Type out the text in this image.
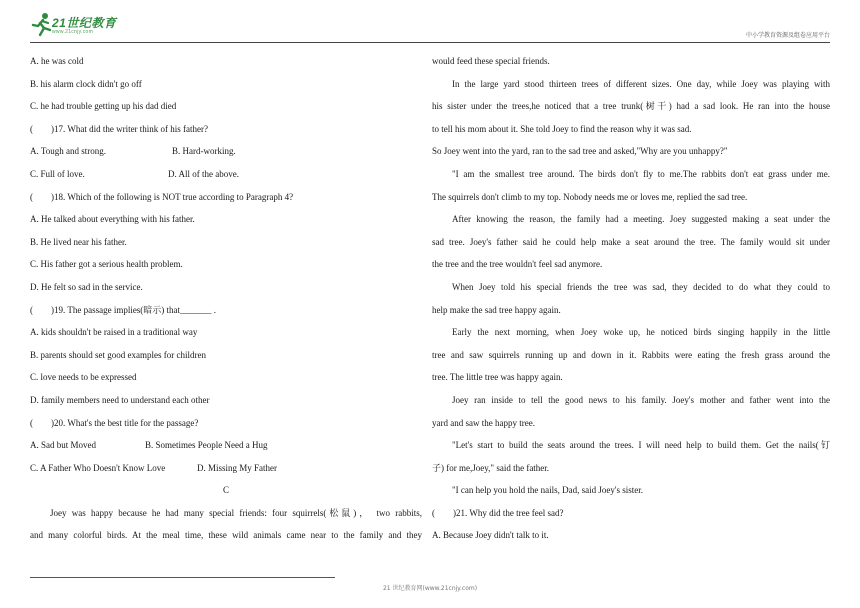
21世纪教育
www.21cnjy.com	中小学教育资源及组卷应用平台
A. he was cold
B. his alarm clock didn't go off
C. he had trouble getting up his dad died
(　　)17. What did the writer think of his father?
A. Tough and strong.	B. Hard-working.
C. Full of love.	D. All of the above.
(　　)18. Which of the following is NOT true according to Paragraph 4?
A. He talked about everything with his father.
B. He lived near his father.
C. His father got a serious health problem.
D. He felt so sad in the service.
(　　)19. The passage implies(暗示) that_______ .
A. kids shouldn't be raised in a traditional way
B. parents should set good examples for children
C. love needs to be expressed
D. family members need to understand each other
(　　)20. What's the best title for the passage?
A. Sad but Moved	B. Sometimes People Need a Hug
C. A Father Who Doesn't Know Love	D. Missing My Father
C
Joey was happy because he had many special friends: four squirrels(松鼠)， two rabbits,
and many colorful birds. At the meal time, these wild animals came near to the family and they
would feed these special friends.
In the large yard stood thirteen trees of different sizes. One day, while Joey was playing with
his sister under the trees,he noticed that a tree trunk(树干) had a sad look. He ran into the house
to tell his mom about it. She told Joey to find the reason why it was sad.
So Joey went into the yard, ran to the sad tree and asked,"Why are you unhappy?"
"I am the smallest tree around. The birds don't fly to me.The rabbits don't eat grass under me.
The squirrels don't climb to my top. Nobody needs me or loves me, replied the sad tree.
After knowing the reason, the family had a meeting. Joey suggested making a seat under the
sad tree. Joey's father said he could help make a seat around the tree. The family would sit under
the tree and the tree wouldn't feel sad anymore.
When Joey told his special friends the tree was sad, they decided to do what they could to
help make the sad tree happy again.
Early the next morning, when Joey woke up, he noticed birds singing happily in the little
tree and saw squirrels running up and down in it. Rabbits were eating the fresh grass around the
tree. The little tree was happy again.
Joey ran inside to tell the good news to his family. Joey's mother and father went into the
yard and saw the happy tree.
"Let's start to build the seats around the trees. I will need help to build them. Get the nails(钉
子) for me,Joey," said the father.
"I can help you hold the nails, Dad, said Joey's sister.
(　　)21. Why did the tree feel sad?
A. Because Joey didn't talk to it.
21 世纪教育网(www.21cnjy.com)
